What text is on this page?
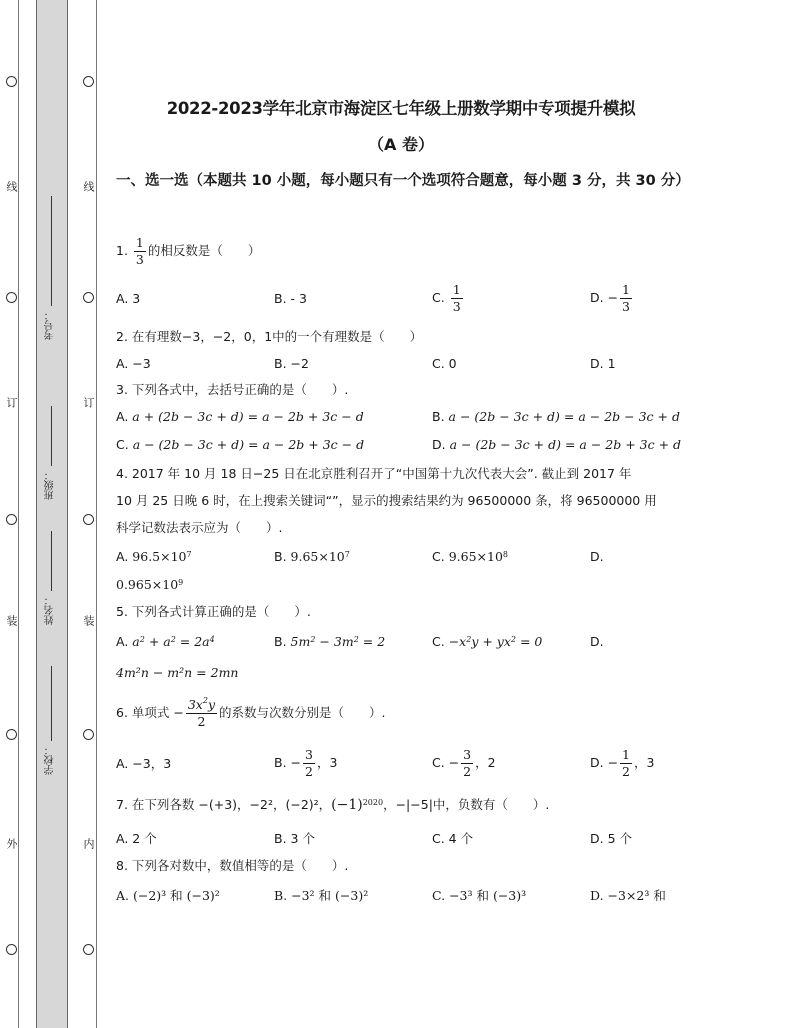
线
订
装
外
线
订
装
内
考号：
班级：
姓名：
学校：
2022-2023学年北京市海淀区七年级上册数学期中专项提升模拟
（A 卷）
一、选一选（本题共 10 小题，每小题只有一个选项符合题意，每小题 3 分，共 30 分）
1. $\frac{1}{3}$ 的相反数是（　　）
A. 3	B. - 3	C. $\frac{1}{3}$	D. − $\frac{1}{3}$
2. 在有理数−3，−2，0，1中的一个有理数是（　　）
A. −3	B. −2	C. 0	D. 1
3. 下列各式中，去括号正确的是（　　）.
A. a + (2b − 3c + d) = a − 2b + 3c − d	B. a − (2b − 3c + d) = a − 2b − 3c + d
C. a − (2b − 3c + d) = a − 2b + 3c − d	D. a − (2b − 3c + d) = a − 2b + 3c + d
4. 2017 年 10 月 18 日−25 日在北京胜利召开了“中国第十九次代表大会”. 截止到 2017 年
10 月 25 日晚 6 时，在上搜索关键词“”，显示的搜索结果约为 96500000 条，将 96500000 用
科学记数法表示应为（　　）.
A. $96.5\times 10^7$	B. $9.65\times 10^7$	C. $9.65\times 10^8$	D.
$0.965\times 10^9$
5. 下列各式计算正确的是（　　）.
A. $a^2 + a^2 = 2a^4$	B. $5m^2 - 3m^2 = 2$	C. $-x^2y + yx^2 = 0$	D.
4m²n − m²n = 2mn
6. 单项式 − $\frac{3x^2y}{2}$ 的系数与次数分别是（　　）.
A. −3，3	B. − $\frac{3}{2}$ ，3	C. − $\frac{3}{2}$ ，2	D. − $\frac{1}{2}$ ，3
7. 在下列各数 −(+3)，−2²，(−2)²，$(-1)^{2020}$，−|−5|中，负数有（　　）.
A. 2 个	B. 3 个	C. 4 个	D. 5 个
8. 下列各对数中，数值相等的是（　　）.
A. (−2)³ 和 (−3)²	B. −3² 和 (−3)²	C. −3³ 和 (−3)³	D. −3×2³ 和
